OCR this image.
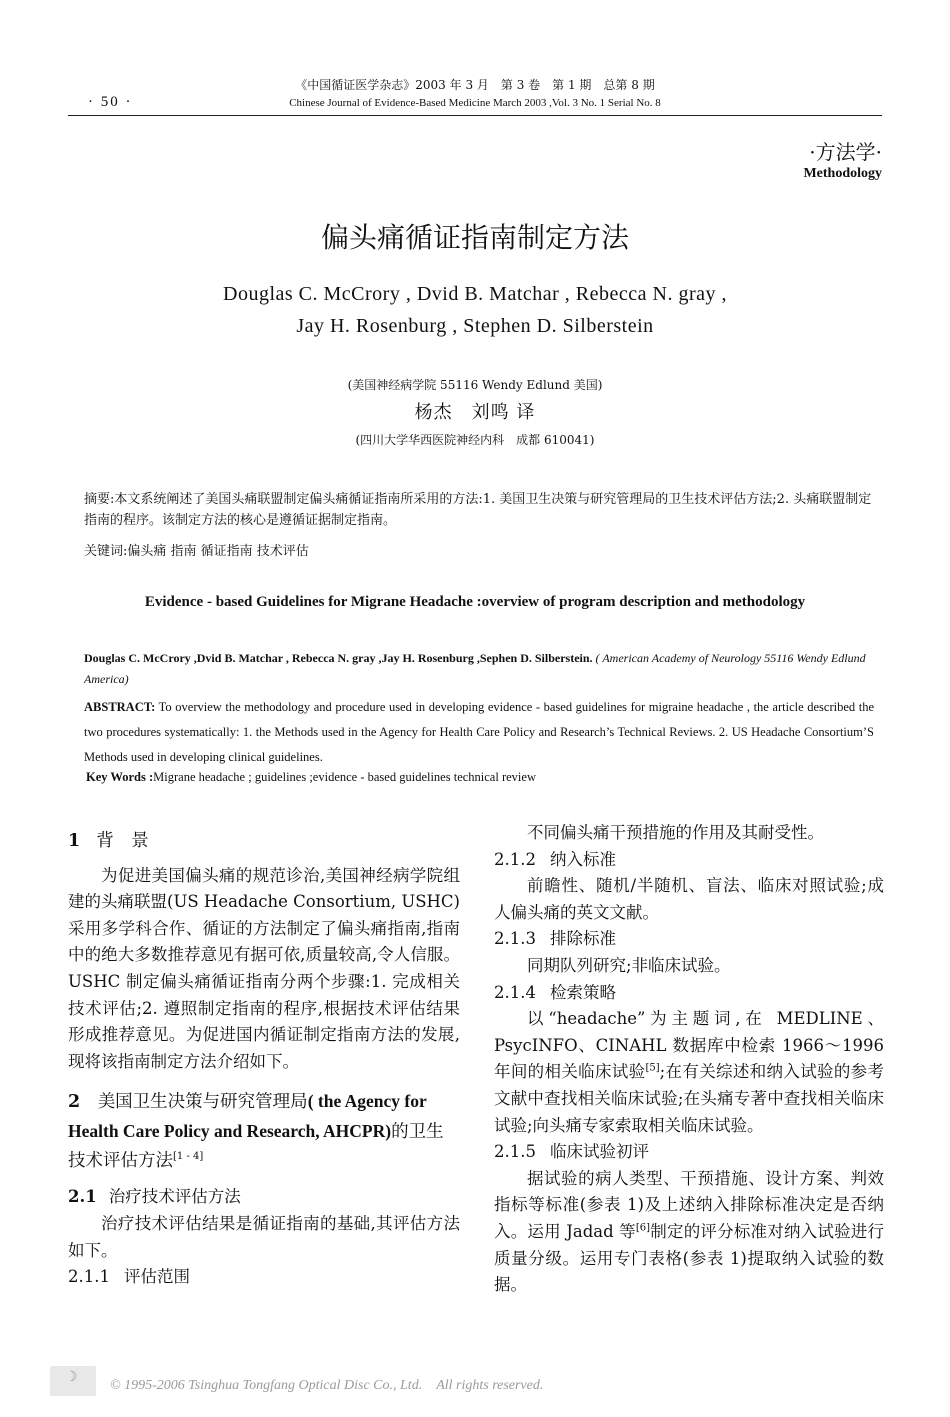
《中国循证医学杂志》2003 年 3 月　第 3 卷　第 1 期　总第 8 期
· 50 ·	Chinese Journal of Evidence-Based Medicine March 2003 ,Vol. 3 No. 1 Serial No. 8
·方法学·
Methodology
偏头痛循证指南制定方法
Douglas C. McCrory , Dvid B. Matchar , Rebecca N. gray ,
Jay H. Rosenburg , Stephen D. Silberstein
(美国神经病学院 55116 Wendy Edlund 美国)
杨杰　刘鸣 译
(四川大学华西医院神经内科　成都 610041)
摘要:本文系统阐述了美国头痛联盟制定偏头痛循证指南所采用的方法:1. 美国卫生决策与研究管理局的卫生技术评估方法;2. 头痛联盟制定指南的程序。该制定方法的核心是遵循证据制定指南。
关键词:偏头痛 指南 循证指南 技术评估
Evidence - based Guidelines for Migrane Headache :overview of program description and methodology
Douglas C. McCrory ,Dvid B. Matchar , Rebecca N. gray ,Jay H. Rosenburg ,Sephen D. Silberstein. ( American Academy of Neurology 55116 Wendy Edlund America)
ABSTRACT: To overview the methodology and procedure used in developing evidence - based guidelines for migraine headache , the article described the two procedures systematically: 1. the Methods used in the Agency for Health Care Policy and Research’s Technical Reviews. 2. US Headache Consortium’S Methods used in developing clinical guidelines.
Key Words :Migrane headache ; guidelines ;evidence - based guidelines technical review
1 背　景
为促进美国偏头痛的规范诊治,美国神经病学院组建的头痛联盟(US Headache Consortium, USHC)采用多学科合作、循证的方法制定了偏头痛指南,指南中的绝大多数推荐意见有据可依,质量较高,令人信服。USHC 制定偏头痛循证指南分两个步骤:1. 完成相关技术评估;2. 遵照制定指南的程序,根据技术评估结果形成推荐意见。为促进国内循证制定指南方法的发展,现将该指南制定方法介绍如下。
2　 美国卫生决策与研究管理局( the Agency for Health Care Policy and Research, AHCPR)的卫生技术评估方法[1 - 4]
2.1 治疗技术评估方法
治疗技术评估结果是循证指南的基础,其评估方法如下。
2.1.1 评估范围
不同偏头痛干预措施的作用及其耐受性。
2.1.2 纳入标准
前瞻性、随机/半随机、盲法、临床对照试验;成人偏头痛的英文文献。
2.1.3 排除标准
同期队列研究;非临床试验。
2.1.4 检索策略
以“headache”为主题词,在 MEDLINE、PsycINFO、CINAHL 数据库中检索 1966～1996 年间的相关临床试验[5];在有关综述和纳入试验的参考文献中查找相关临床试验;在头痛专著中查找相关临床试验;向头痛专家索取相关临床试验。
2.1.5 临床试验初评
据试验的病人类型、干预措施、设计方案、判效指标等标准(参表 1)及上述纳入排除标准决定是否纳入。运用 Jadad 等[6]制定的评分标准对纳入试验进行质量分级。运用专门表格(参表 1)提取纳入试验的数据。
☽
© 1995-2006 Tsinghua Tongfang Optical Disc Co., Ltd.　All rights reserved.
